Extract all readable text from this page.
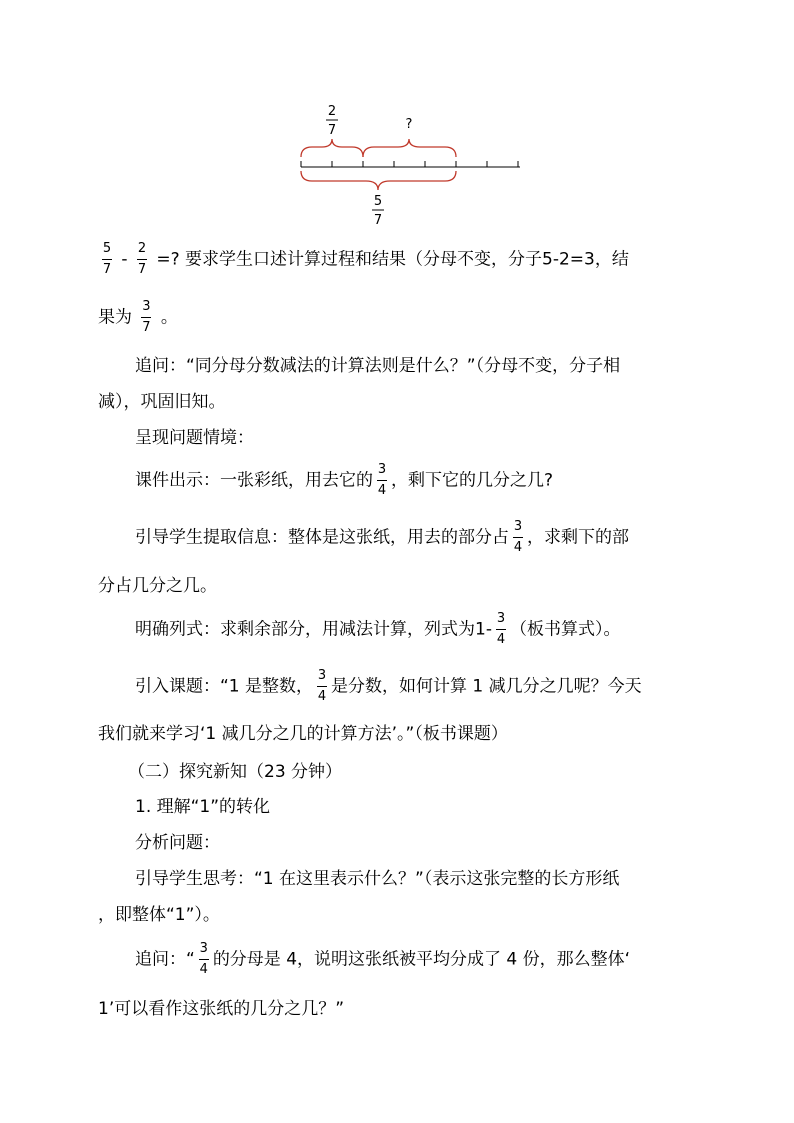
2
7	?
5
7
$\frac{5}{7} - \frac{2}{7}$ =? 要求学生口述计算过程和结果（分母不变，分子5-2=3，结
果为 $\frac{3}{7}$ 。
追问：“同分母分数减法的计算法则是什么？”（分母不变，分子相
减），巩固旧知。
呈现问题情境：
课件出示：一张彩纸，用去它的 $\frac{3}{4}$ ，剩下它的几分之几?
引导学生提取信息：整体是这张纸，用去的部分占 $\frac{3}{4}$ ，求剩下的部
分占几分之几。
明确列式：求剩余部分，用减法计算，列式为$1- \frac{3}{4}$ （板书算式）。
引入课题：“1 是整数， $\frac{3}{4}$ 是分数，如何计算 1 减几分之几呢？今天
我们就来学习‘1 减几分之几的计算方法’。”（板书课题）
（二）探究新知（23 分钟）
1. 理解“1”的转化
分析问题：
引导学生思考：“1 在这里表示什么？”（表示这张完整的长方形纸
，即整体“1”）。
追问：“ $\frac{3}{4}$ 的分母是 4，说明这张纸被平均分成了 4 份，那么整体‘
1’可以看作这张纸的几分之几？”
